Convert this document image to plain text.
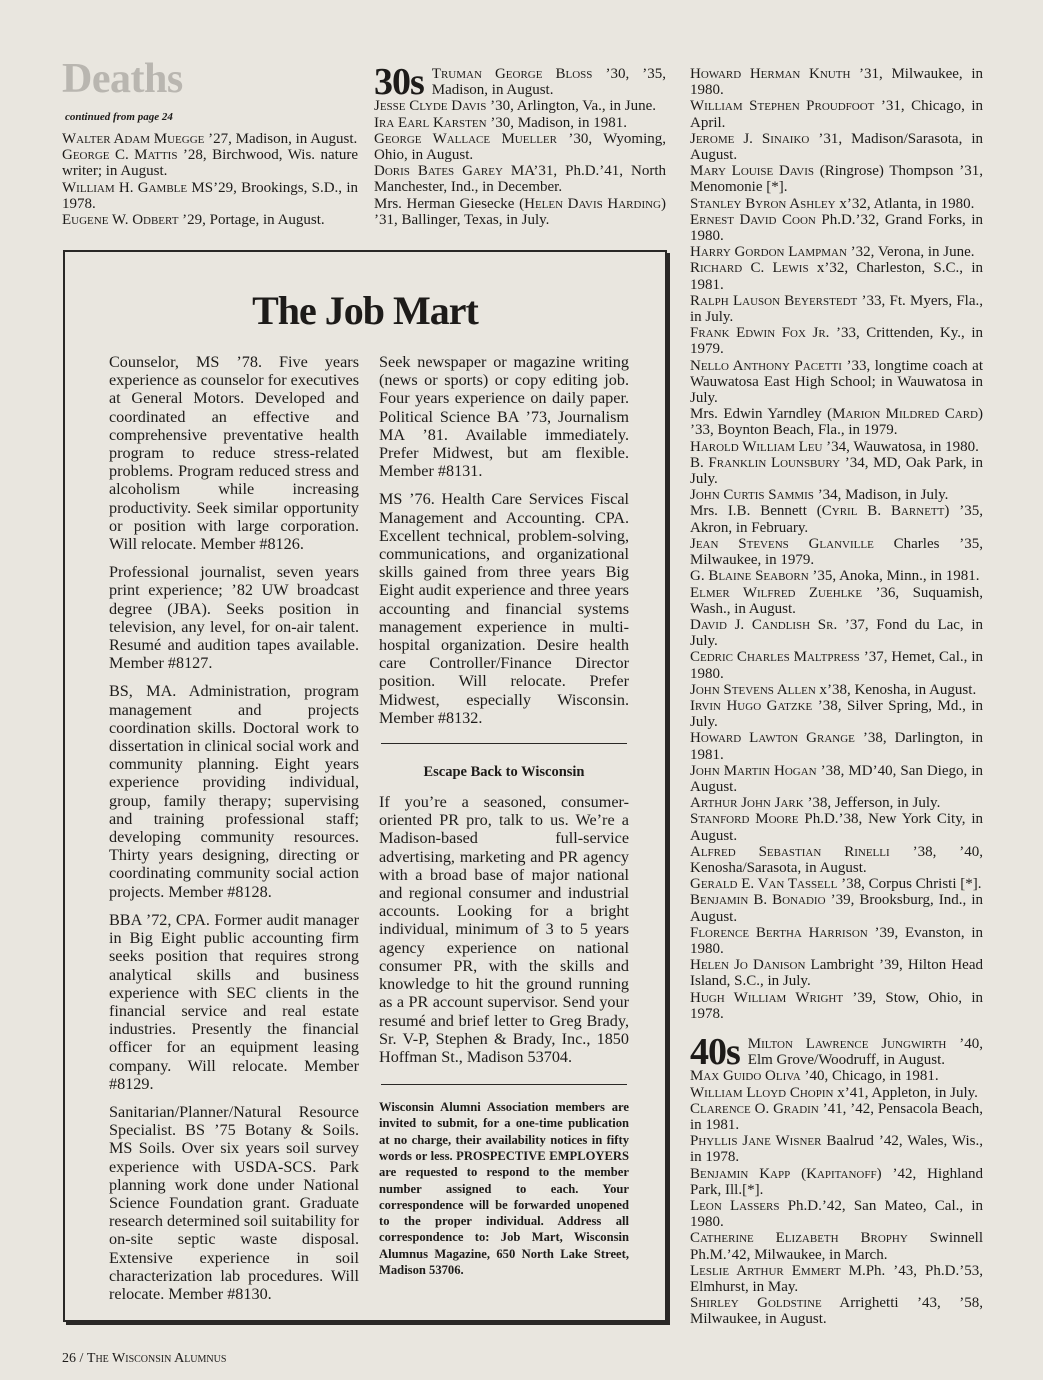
Deaths
continued from page 24

Walter Adam Muegge ’27, Madison, in August.

George C. Mattis ’28, Birchwood, Wis. nature writer; in August.

William H. Gamble MS’29, Brookings, S.D., in 1978.

Eugene W. Odbert ’29, Portage, in August.

30s Truman George Bloss ’30, ’35, Madison, in August.

Jesse Clyde Davis ’30, Arlington, Va., in June.

Ira Earl Karsten ’30, Madison, in 1981.

George Wallace Mueller ’30, Wyoming, Ohio, in August.

Doris Bates Garey MA’31, Ph.D.’41, North Manchester, Ind., in December.

Mrs. Herman Giesecke (Helen Davis Harding) ’31, Ballinger, Texas, in July.

Howard Herman Knuth ’31, Milwaukee, in 1980.

William Stephen Proudfoot ’31, Chicago, in April.

Jerome J. Sinaiko ’31, Madison/Sarasota, in August.

Mary Louise Davis (Ringrose) Thompson ’31, Menomonie [*].

Stanley Byron Ashley x’32, Atlanta, in 1980.

Ernest David Coon Ph.D.’32, Grand Forks, in 1980.

Harry Gordon Lampman ’32, Verona, in June.

Richard C. Lewis x’32, Charleston, S.C., in 1981.

Ralph Lauson Beyerstedt ’33, Ft. Myers, Fla., in July.

Frank Edwin Fox Jr. ’33, Crittenden, Ky., in 1979.

Nello Anthony Pacetti ’33, longtime coach at Wauwatosa East High School; in Wauwatosa in July.

Mrs. Edwin Yarndley (Marion Mildred Card) ’33, Boynton Beach, Fla., in 1979.

Harold William Leu ’34, Wauwatosa, in 1980.

B. Franklin Lounsbury ’34, MD, Oak Park, in July.

John Curtis Sammis ’34, Madison, in July.

Mrs. I.B. Bennett (Cyril B. Barnett) ’35, Akron, in February.

Jean Stevens Glanville Charles ’35, Milwaukee, in 1979.

G. Blaine Seaborn ’35, Anoka, Minn., in 1981.

Elmer Wilfred Zuehlke ’36, Suquamish, Wash., in August.

David J. Candlish Sr. ’37, Fond du Lac, in July.

Cedric Charles Maltpress ’37, Hemet, Cal., in 1980.

John Stevens Allen x’38, Kenosha, in August.

Irvin Hugo Gatzke ’38, Silver Spring, Md., in July.

Howard Lawton Grange ’38, Darlington, in 1981.

John Martin Hogan ’38, MD’40, San Diego, in August.

Arthur John Jark ’38, Jefferson, in July.

Stanford Moore Ph.D.’38, New York City, in August.

Alfred Sebastian Rinelli ’38, ’40, Kenosha/Sarasota, in August.

Gerald E. Van Tassell ’38, Corpus Christi [*].

Benjamin B. Bonadio ’39, Brooksburg, Ind., in August.

Florence Bertha Harrison ’39, Evanston, in 1980.

Helen Jo Danison Lambright ’39, Hilton Head Island, S.C., in July.

Hugh William Wright ’39, Stow, Ohio, in 1978.

40s Milton Lawrence Jungwirth ’40, Elm Grove/Woodruff, in August.

Max Guido Oliva ’40, Chicago, in 1981.

William Lloyd Chopin x’41, Appleton, in July.

Clarence O. Gradin ’41, ’42, Pensacola Beach, in 1981.

Phyllis Jane Wisner Baalrud ’42, Wales, Wis., in 1978.

Benjamin Kapp (Kapitanoff) ’42, Highland Park, Ill.[*].

Leon Lassers Ph.D.’42, San Mateo, Cal., in 1980.

Catherine Elizabeth Brophy Swinnell Ph.M.’42, Milwaukee, in March.

Leslie Arthur Emmert M.Ph. ’43, Ph.D.’53, Elmhurst, in May.

Shirley Goldstine Arrighetti ’43, ’58, Milwaukee, in August.

The Job Mart

Counselor, MS ’78. Five years experience as counselor for executives at General Motors. Developed and coordinated an effective and comprehensive preventative health program to reduce stress-related problems. Program reduced stress and alcoholism while increasing productivity. Seek similar opportunity or position with large corporation. Will relocate. Member #8126.

Professional journalist, seven years print experience; ’82 UW broadcast degree (JBA). Seeks position in television, any level, for on-air talent. Resumé and audition tapes available. Member #8127.

BS, MA. Administration, program management and projects coordination skills. Doctoral work to dissertation in clinical social work and community planning. Eight years experience providing individual, group, family therapy; supervising and training professional staff; developing community resources. Thirty years designing, directing or coordinating community social action projects. Member #8128.

BBA ’72, CPA. Former audit manager in Big Eight public accounting firm seeks position that requires strong analytical skills and business experience with SEC clients in the financial service and real estate industries. Presently the financial officer for an equipment leasing company. Will relocate. Member #8129.

Sanitarian/Planner/Natural Resource Specialist. BS ’75 Botany & Soils. MS Soils. Over six years soil survey experience with USDA-SCS. Park planning work done under National Science Foundation grant. Graduate research determined soil suitability for on-site septic waste disposal. Extensive experience in soil characterization lab procedures. Will relocate. Member #8130.

Seek newspaper or magazine writing (news or sports) or copy editing job. Four years experience on daily paper. Political Science BA ’73, Journalism MA ’81. Available immediately. Prefer Midwest, but am flexible. Member #8131.

MS ’76. Health Care Services Fiscal Management and Accounting. CPA. Excellent technical, problem-solving, communications, and organizational skills gained from three years Big Eight audit experience and three years accounting and financial systems management experience in multi-hospital organization. Desire health care Controller/Finance Director position. Will relocate. Prefer Midwest, especially Wisconsin. Member #8132.

Escape Back to Wisconsin

If you’re a seasoned, consumer-oriented PR pro, talk to us. We’re a Madison-based full-service advertising, marketing and PR agency with a broad base of major national and regional consumer and industrial accounts. Looking for a bright individual, minimum of 3 to 5 years agency experience on national consumer PR, with the skills and knowledge to hit the ground running as a PR account supervisor. Send your resumé and brief letter to Greg Brady, Sr. V-P, Stephen & Brady, Inc., 1850 Hoffman St., Madison 53704.

Wisconsin Alumni Association members are invited to submit, for a one-time publication at no charge, their availability notices in fifty words or less. PROSPECTIVE EMPLOYERS are requested to respond to the member number assigned to each. Your correspondence will be forwarded unopened to the proper individual. Address all correspondence to: Job Mart, Wisconsin Alumnus Magazine, 650 North Lake Street, Madison 53706.

26 / The Wisconsin Alumnus
